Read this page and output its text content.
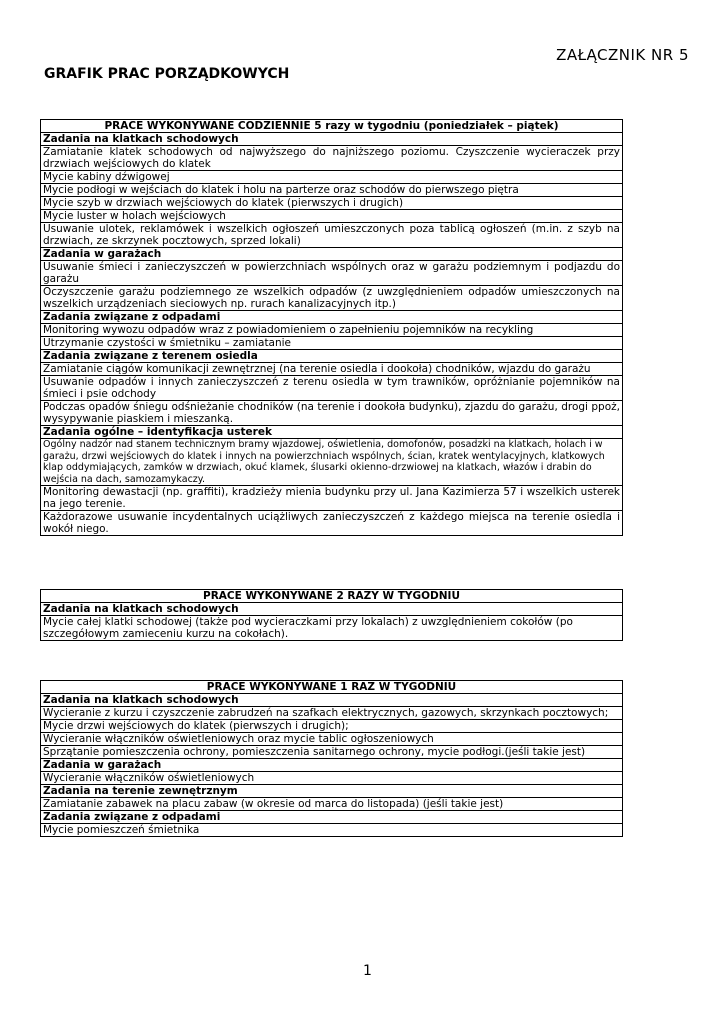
ZAŁĄCZNIK NR 5
GRAFIK PRAC PORZĄDKOWYCH
PRACE WYKONYWANE CODZIENNIE 5 razy w tygodniu (poniedziałek – piątek)
Zadania na klatkach schodowych
Zamiatanie klatek schodowych od najwyższego do najniższego poziomu. Czyszczenie wycieraczek przy drzwiach wejściowych do klatek
Mycie kabiny dźwigowej
Mycie podłogi w wejściach do klatek i holu na parterze oraz schodów do pierwszego piętra
Mycie szyb w drzwiach wejściowych do klatek (pierwszych i drugich)
Mycie luster w holach wejściowych
Usuwanie ulotek, reklamówek i wszelkich ogłoszeń umieszczonych poza tablicą ogłoszeń (m.in. z szyb na drzwiach, ze skrzynek pocztowych, sprzed lokali)
Zadania w garażach
Usuwanie śmieci i zanieczyszczeń w powierzchniach wspólnych oraz w garażu podziemnym i podjazdu do garażu
Oczyszczenie garażu podziemnego ze wszelkich odpadów (z uwzględnieniem odpadów umieszczonych na wszelkich urządzeniach sieciowych np. rurach kanalizacyjnych itp.)
Zadania związane z odpadami
Monitoring wywozu odpadów wraz z powiadomieniem o zapełnieniu pojemników na recykling
Utrzymanie czystości w śmietniku – zamiatanie
Zadania związane z terenem osiedla
Zamiatanie ciągów komunikacji zewnętrznej (na terenie osiedla i dookoła) chodników, wjazdu do garażu
Usuwanie odpadów i innych zanieczyszczeń z terenu osiedla w tym trawników, opróżnianie pojemników na śmieci i psie odchody
Podczas opadów śniegu odśnieżanie chodników (na terenie i dookoła budynku), zjazdu do garażu, drogi ppoż, wysypywanie piaskiem i mieszanką.
Zadania ogólne – identyfikacja usterek
Ogólny nadzór nad stanem technicznym bramy wjazdowej, oświetlenia, domofonów, posadzki na klatkach, holach i w garażu, drzwi wejściowych do klatek i innych na powierzchniach wspólnych, ścian, kratek wentylacyjnych, klatkowych klap oddymiających, zamków w drzwiach, okuć klamek, ślusarki okienno-drzwiowej na klatkach, włazów i drabin do wejścia na dach, samozamykaczy.
Monitoring dewastacji (np. graffiti), kradzieży mienia budynku przy ul. Jana Kazimierza 57 i wszelkich usterek na jego terenie.
Każdorazowe usuwanie incydentalnych uciążliwych zanieczyszczeń z każdego miejsca na terenie osiedla i wokół niego.
PRACE WYKONYWANE 2 RAZY W TYGODNIU
Zadania na klatkach schodowych
Mycie całej klatki schodowej (także pod wycieraczkami przy lokalach) z uwzględnieniem cokołów (po szczegółowym zamieceniu kurzu na cokołach).
PRACE WYKONYWANE 1 RAZ W TYGODNIU
Zadania na klatkach schodowych
Wycieranie z kurzu i czyszczenie zabrudzeń na szafkach elektrycznych, gazowych, skrzynkach pocztowych;
Mycie drzwi wejściowych do klatek (pierwszych i drugich);
Wycieranie włączników oświetleniowych oraz mycie tablic ogłoszeniowych
Sprzątanie pomieszczenia ochrony, pomieszczenia sanitarnego ochrony, mycie podłogi.(jeśli takie jest)
Zadania w garażach
Wycieranie włączników oświetleniowych
Zadania na terenie zewnętrznym
Zamiatanie zabawek na placu zabaw (w okresie od marca do listopada) (jeśli takie jest)
Zadania związane z odpadami
Mycie pomieszczeń śmietnika
1
